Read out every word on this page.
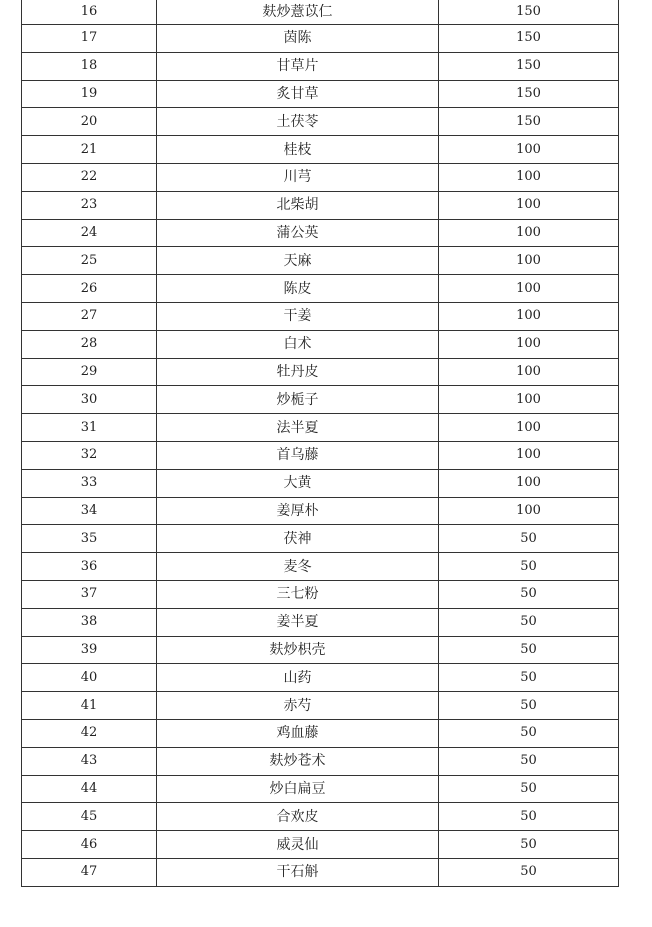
16	麸炒薏苡仁	150
17	茵陈	150
18	甘草片	150
19	炙甘草	150
20	土茯苓	150
21	桂枝	100
22	川芎	100
23	北柴胡	100
24	蒲公英	100
25	天麻	100
26	陈皮	100
27	干姜	100
28	白术	100
29	牡丹皮	100
30	炒栀子	100
31	法半夏	100
32	首乌藤	100
33	大黄	100
34	姜厚朴	100
35	茯神	50
36	麦冬	50
37	三七粉	50
38	姜半夏	50
39	麸炒枳壳	50
40	山药	50
41	赤芍	50
42	鸡血藤	50
43	麸炒苍术	50
44	炒白扁豆	50
45	合欢皮	50
46	威灵仙	50
47	干石斛	50
